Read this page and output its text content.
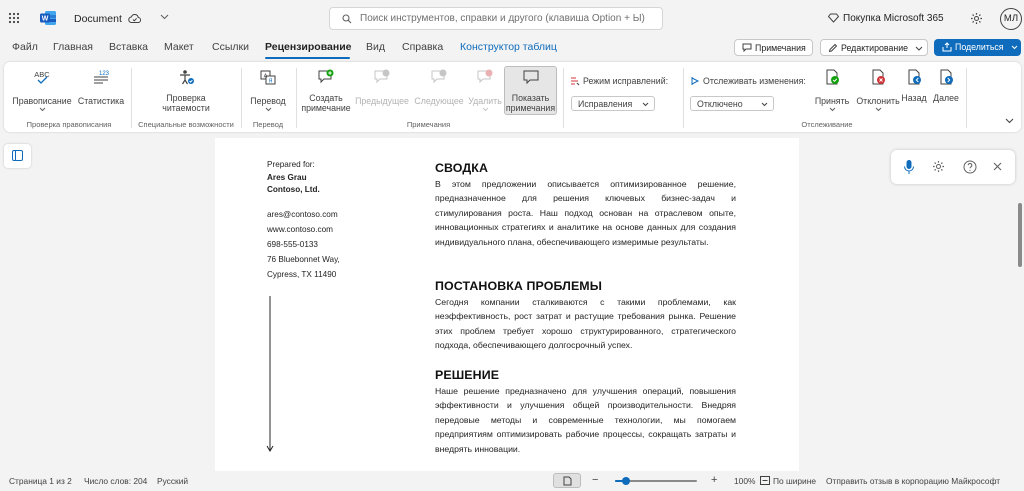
W Document	Поиск инструментов, справки и другого (клавиша Option + Ы)	Покупка Microsoft 365	МЛ
Файл Главная Вставка Макет Ссылки Рецензирование Вид Справка Конструктор таблиц	Примечания	Редактирование	Поделиться
ABC
Правописание
123
Статистика
Проверка правописания
Проверка
читаемости
Специальные возможности
A
Я
Перевод
Перевод
Создать
примечание
Предыдущее Следующее Удалить	Показать
примечания
Примечания
Режим исправлений:
Исправления
Отслеживать изменения:
Отключено	Принять Отклонить Назад Далее
Отслеживание
Prepared for:
Ares Grau
Contoso, Ltd.
ares@contoso.com
www.contoso.com
698-555-0133
76 Bluebonnet Way,
Cypress, TX 11490
СВОДКА
В этом предложении описывается оптимизированное решение, предназначенное для решения ключевых бизнес-задач и стимулирования роста. Наш подход основан на отраслевом опыте, инновационных стратегиях и аналитике на основе данных для создания индивидуального плана, обеспечивающего измеримые результаты.
ПОСТАНОВКА ПРОБЛЕМЫ
Сегодня компании сталкиваются с такими проблемами, как неэффективность, рост затрат и растущие требования рынка. Решение этих проблем требует хорошо структурированного, стратегического подхода, обеспечивающего долгосрочный успех.
РЕШЕНИЕ
Наше решение предназначено для улучшения операций, повышения эффективности и улучшения общей производительности. Внедряя передовые методы и современные технологии, мы помогаем предприятиям оптимизировать рабочие процессы, сокращать затраты и внедрять инновации.
Страница 1 из 2 Число слов: 204 Русский	−	+ 100% По ширине Отправить отзыв в корпорацию Майкрософт
